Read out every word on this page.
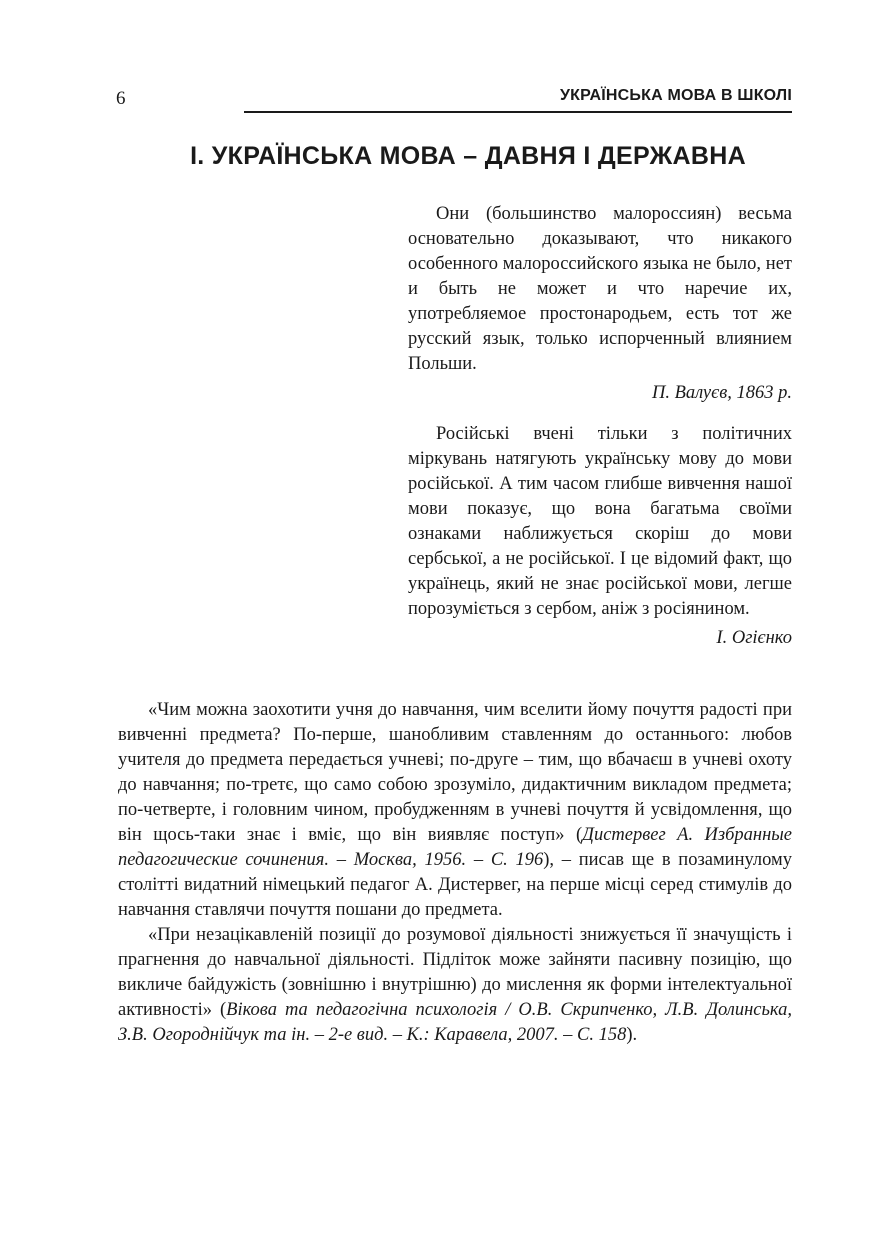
6	УКРАЇНСЬКА МОВА В ШКОЛІ
І. УКРАЇНСЬКА МОВА – ДАВНЯ І ДЕРЖАВНА

Они (большинство малороссиян) весьма основательно доказывают, что никакого особенного малороссийского языка не было, нет и быть не может и что наречие их, употребляемое простонародьем, есть тот же русский язык, только испорченный влиянием Польши.

П. Валуєв, 1863 р.

Російські вчені тільки з політичних міркувань натягують українську мову до мови російської. А тим часом глибше вивчення нашої мови показує, що вона багатьма своїми ознаками наближується скоріш до мови сербської, а не російської. І це відомий факт, що українець, який не знає російської мови, легше порозуміється з сербом, аніж з росіянином.

І. Огієнко

«Чим можна заохотити учня до навчання, чим вселити йому почуття радості при вивченні предмета? По-перше, шанобливим ставленням до останнього: любов учителя до предмета передається учневі; по-друге – тим, що вбачаєш в учневі охоту до навчання; по-третє, що само собою зрозуміло, дидактичним викладом предмета; по-четверте, і головним чином, пробудженням в учневі почуття й усвідомлення, що він щось-таки знає і вміє, що він виявляє поступ» (Дистервег А. Избранные педагогические сочинения. – Москва, 1956. – С. 196), – писав ще в позаминулому столітті видатний німецький педагог А. Дистервег, на перше місці серед стимулів до навчання ставлячи почуття пошани до предмета.

«При незацікавленій позиції до розумової діяльності знижується її значущість і прагнення до навчальної діяльності. Підліток може зайняти пасивну позицію, що викличе байдужість (зовнішню і внутрішню) до мислення як форми інтелектуальної активності» (Вікова та педагогічна психологія / О.В. Скрипченко, Л.В. Долинська, З.В. Огороднійчук та ін. – 2-е вид. – К.: Каравела, 2007. – С. 158).
